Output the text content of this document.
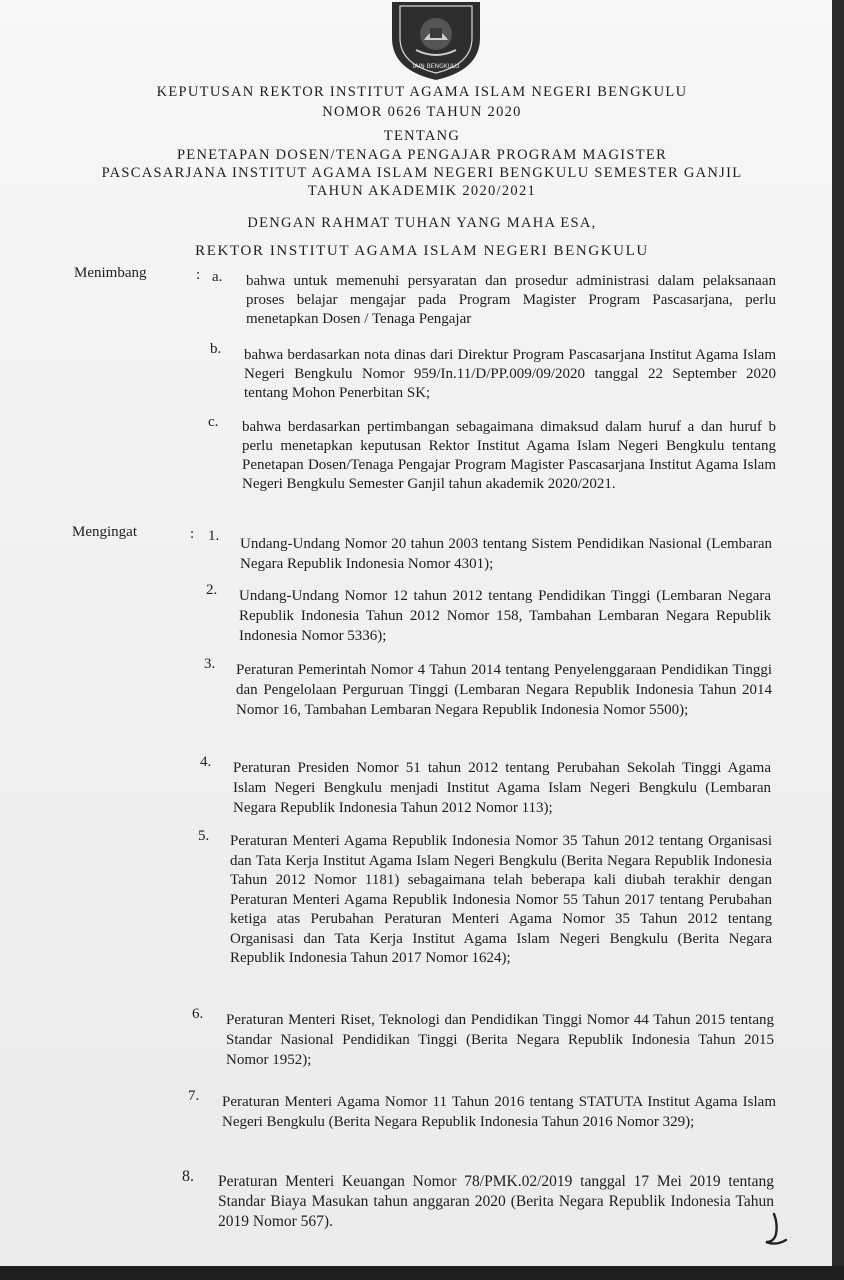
IAIN BENGKULU
KEPUTUSAN REKTOR INSTITUT AGAMA ISLAM NEGERI BENGKULU
NOMOR 0626 TAHUN 2020
TENTANG
PENETAPAN DOSEN/TENAGA PENGAJAR PROGRAM MAGISTER
PASCASARJANA INSTITUT AGAMA ISLAM NEGERI BENGKULU SEMESTER GANJIL
TAHUN AKADEMIK 2020/2021
DENGAN RAHMAT TUHAN YANG MAHA ESA,
REKTOR INSTITUT AGAMA ISLAM NEGERI BENGKULU
Menimbang	: a. bahwa untuk memenuhi persyaratan dan prosedur administrasi dalam pelaksanaan proses belajar mengajar pada Program Magister Program Pascasarjana, perlu menetapkan Dosen / Tenaga Pengajar
b. bahwa berdasarkan nota dinas dari Direktur Program Pascasarjana Institut Agama Islam Negeri Bengkulu Nomor 959/In.11/D/PP.009/09/2020 tanggal 22 September 2020 tentang Mohon Penerbitan SK;
c. bahwa berdasarkan pertimbangan sebagaimana dimaksud dalam huruf a dan huruf b perlu menetapkan keputusan Rektor Institut Agama Islam Negeri Bengkulu tentang Penetapan Dosen/Tenaga Pengajar Program Magister Pascasarjana Institut Agama Islam Negeri Bengkulu Semester Ganjil tahun akademik 2020/2021.
Mengingat	: 1. Undang-Undang Nomor 20 tahun 2003 tentang Sistem Pendidikan Nasional (Lembaran Negara Republik Indonesia Nomor 4301);
2. Undang-Undang Nomor 12 tahun 2012 tentang Pendidikan Tinggi (Lembaran Negara Republik Indonesia Tahun 2012 Nomor 158, Tambahan Lembaran Negara Republik Indonesia Nomor 5336);
3. Peraturan Pemerintah Nomor 4 Tahun 2014 tentang Penyelenggaraan Pendidikan Tinggi dan Pengelolaan Perguruan Tinggi (Lembaran Negara Republik Indonesia Tahun 2014 Nomor 16, Tambahan Lembaran Negara Republik Indonesia Nomor 5500);
4. Peraturan Presiden Nomor 51 tahun 2012 tentang Perubahan Sekolah Tinggi Agama Islam Negeri Bengkulu menjadi Institut Agama Islam Negeri Bengkulu (Lembaran Negara Republik Indonesia Tahun 2012 Nomor 113);
5. Peraturan Menteri Agama Republik Indonesia Nomor 35 Tahun 2012 tentang Organisasi dan Tata Kerja Institut Agama Islam Negeri Bengkulu (Berita Negara Republik Indonesia Tahun 2012 Nomor 1181) sebagaimana telah beberapa kali diubah terakhir dengan Peraturan Menteri Agama Republik Indonesia Nomor 55 Tahun 2017 tentang Perubahan ketiga atas Perubahan Peraturan Menteri Agama Nomor 35 Tahun 2012 tentang Organisasi dan Tata Kerja Institut Agama Islam Negeri Bengkulu (Berita Negara Republik Indonesia Tahun 2017 Nomor 1624);
6. Peraturan Menteri Riset, Teknologi dan Pendidikan Tinggi Nomor 44 Tahun 2015 tentang Standar Nasional Pendidikan Tinggi (Berita Negara Republik Indonesia Tahun 2015 Nomor 1952);
7. Peraturan Menteri Agama Nomor 11 Tahun 2016 tentang STATUTA Institut Agama Islam Negeri Bengkulu (Berita Negara Republik Indonesia Tahun 2016 Nomor 329);
8. Peraturan Menteri Keuangan Nomor 78/PMK.02/2019 tanggal 17 Mei 2019 tentang Standar Biaya Masukan tahun anggaran 2020 (Berita Negara Republik Indonesia Tahun 2019 Nomor 567).
